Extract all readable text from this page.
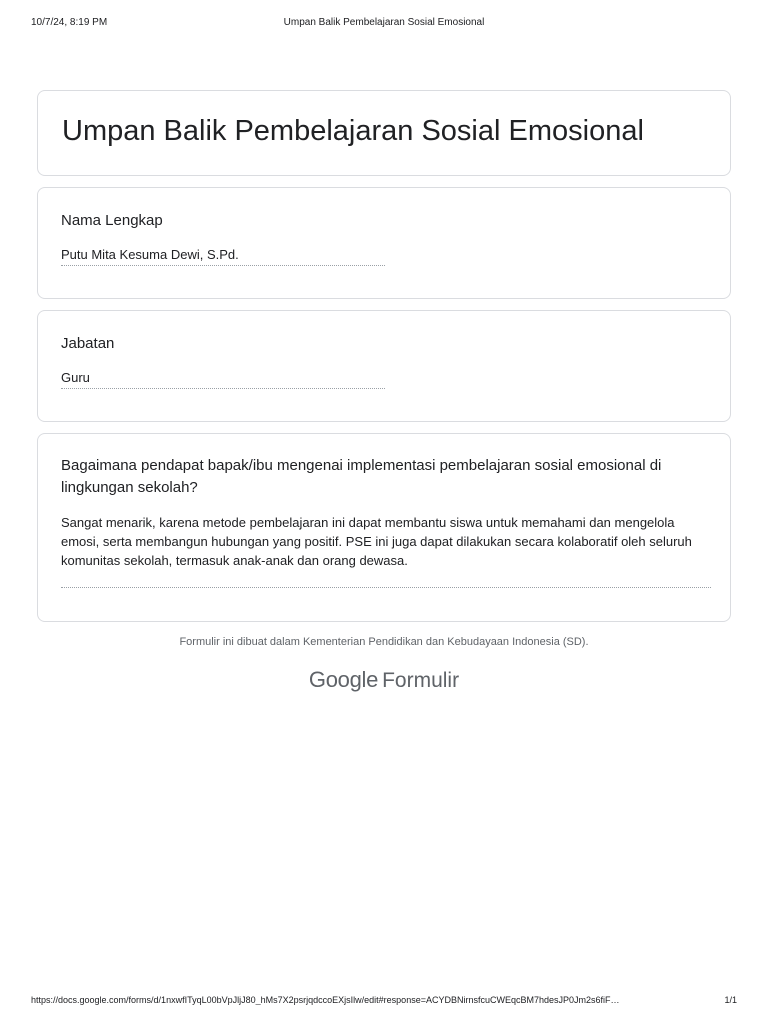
10/7/24, 8:19 PM	Umpan Balik Pembelajaran Sosial Emosional
Umpan Balik Pembelajaran Sosial Emosional
Nama Lengkap
Putu Mita Kesuma Dewi, S.Pd.
Jabatan
Guru
Bagaimana pendapat bapak/ibu mengenai implementasi pembelajaran sosial emosional di lingkungan sekolah?
Sangat menarik, karena metode pembelajaran ini dapat membantu siswa untuk memahami dan mengelola emosi, serta membangun hubungan yang positif. PSE ini juga dapat dilakukan secara kolaboratif oleh seluruh komunitas sekolah, termasuk anak-anak dan orang dewasa.
Formulir ini dibuat dalam Kementerian Pendidikan dan Kebudayaan Indonesia (SD).
Google Formulir
https://docs.google.com/forms/d/1nxwfITyqL00bVpJljJ80_hMs7X2psrjqdccoEXjsIlw/edit#response=ACYDBNirnsfcuCWEqcBM7hdesJP0Jm2s6fiF…	1/1
